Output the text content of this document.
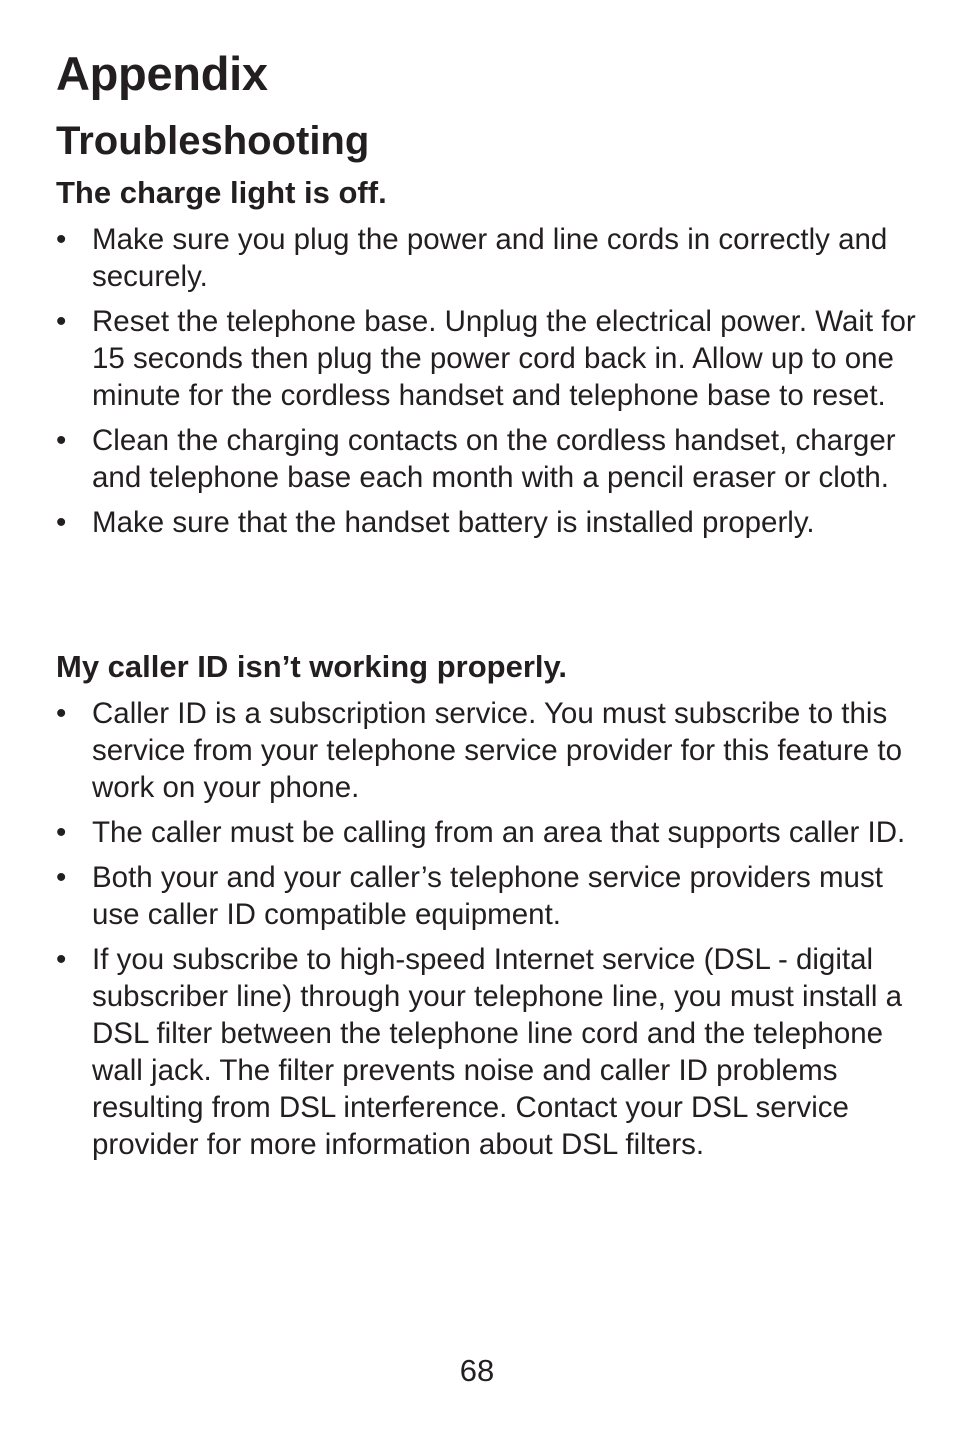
Appendix
Troubleshooting
The charge light is off.
• Make sure you plug the power and line cords in correctly and securely.
• Reset the telephone base. Unplug the electrical power. Wait for 15 seconds then plug the power cord back in. Allow up to one minute for the cordless handset and telephone base to reset.
• Clean the charging contacts on the cordless handset, charger and telephone base each month with a pencil eraser or cloth.
• Make sure that the handset battery is installed properly.
My caller ID isn’t working properly.
• Caller ID is a subscription service. You must subscribe to this service from your telephone service provider for this feature to work on your phone.
• The caller must be calling from an area that supports caller ID.
• Both your and your caller’s telephone service providers must use caller ID compatible equipment.
• If you subscribe to high-speed Internet service (DSL - digital subscriber line) through your telephone line, you must install a DSL filter between the telephone line cord and the telephone wall jack. The filter prevents noise and caller ID problems resulting from DSL interference. Contact your DSL service provider for more information about DSL filters.
68
